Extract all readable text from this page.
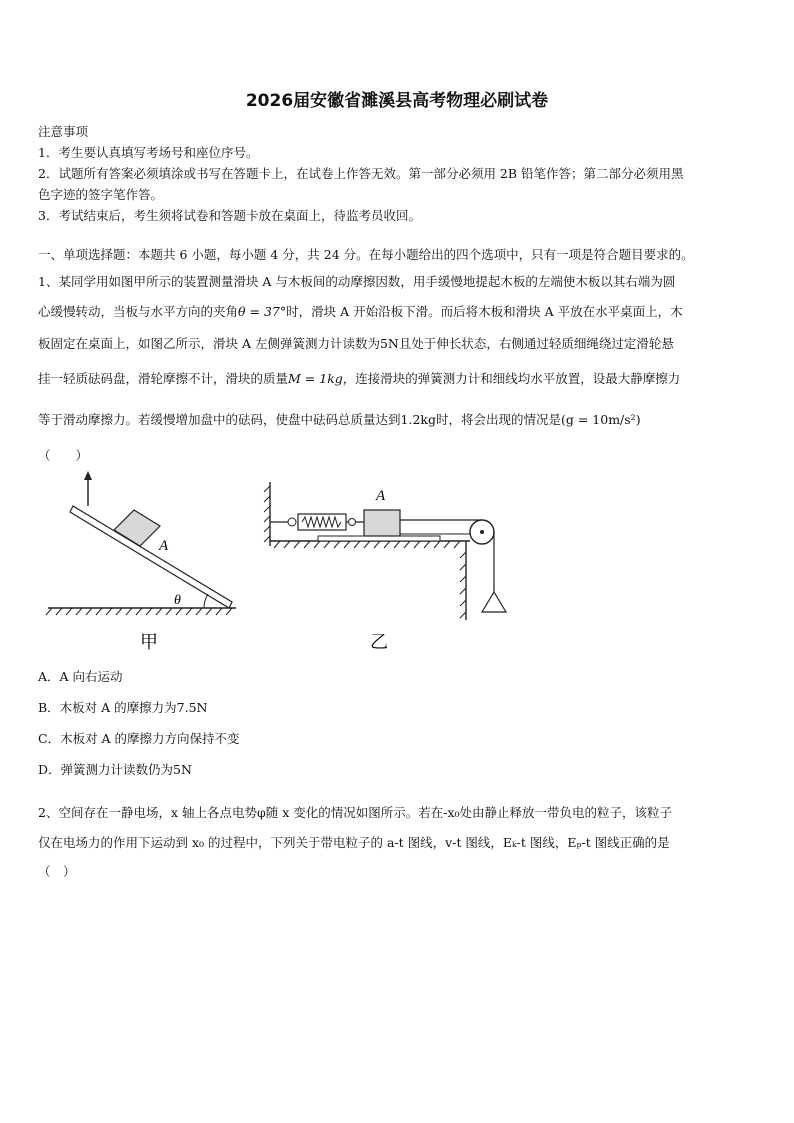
2026届安徽省濉溪县高考物理必刷试卷
注意事项
1．考生要认真填写考场号和座位序号。
2．试题所有答案必须填涂或书写在答题卡上，在试卷上作答无效。第一部分必须用 2B 铅笔作答；第二部分必须用黑
色字迹的签字笔作答。
3．考试结束后，考生须将试卷和答题卡放在桌面上，待监考员收回。
一、单项选择题：本题共 6 小题，每小题 4 分，共 24 分。在每小题给出的四个选项中，只有一项是符合题目要求的。
1、某同学用如图甲所示的装置测量滑块 A 与木板间的动摩擦因数，用手缓慢地提起木板的左端使木板以其右端为圆
心缓慢转动，当板与水平方向的夹角θ = 37°时，滑块 A 开始沿板下滑。而后将木板和滑块 A 平放在水平桌面上，木
板固定在桌面上，如图乙所示，滑块 A 左侧弹簧测力计读数为5N且处于伸长状态，右侧通过轻质细绳绕过定滑轮悬
挂一轻质砝码盘，滑轮摩擦不计，滑块的质量M = 1kg，连接滑块的弹簧测力计和细线均水平放置，设最大静摩擦力
等于滑动摩擦力。若缓慢增加盘中的砝码，使盘中砝码总质量达到1.2kg时，将会出现的情况是(g = 10m/s²)
（　　）
A
θ
甲
A
乙
A．A 向右运动
B．木板对 A 的摩擦力为7.5N
C．木板对 A 的摩擦力方向保持不变
D．弹簧测力计读数仍为5N
2、空间存在一静电场，x 轴上各点电势φ随 x 变化的情况如图所示。若在-x₀处由静止释放一带负电的粒子，该粒子
仅在电场力的作用下运动到 x₀ 的过程中，下列关于带电粒子的 a-t 图线，v-t 图线，Eₖ-t 图线，Eₚ-t 图线正确的是
（　）
